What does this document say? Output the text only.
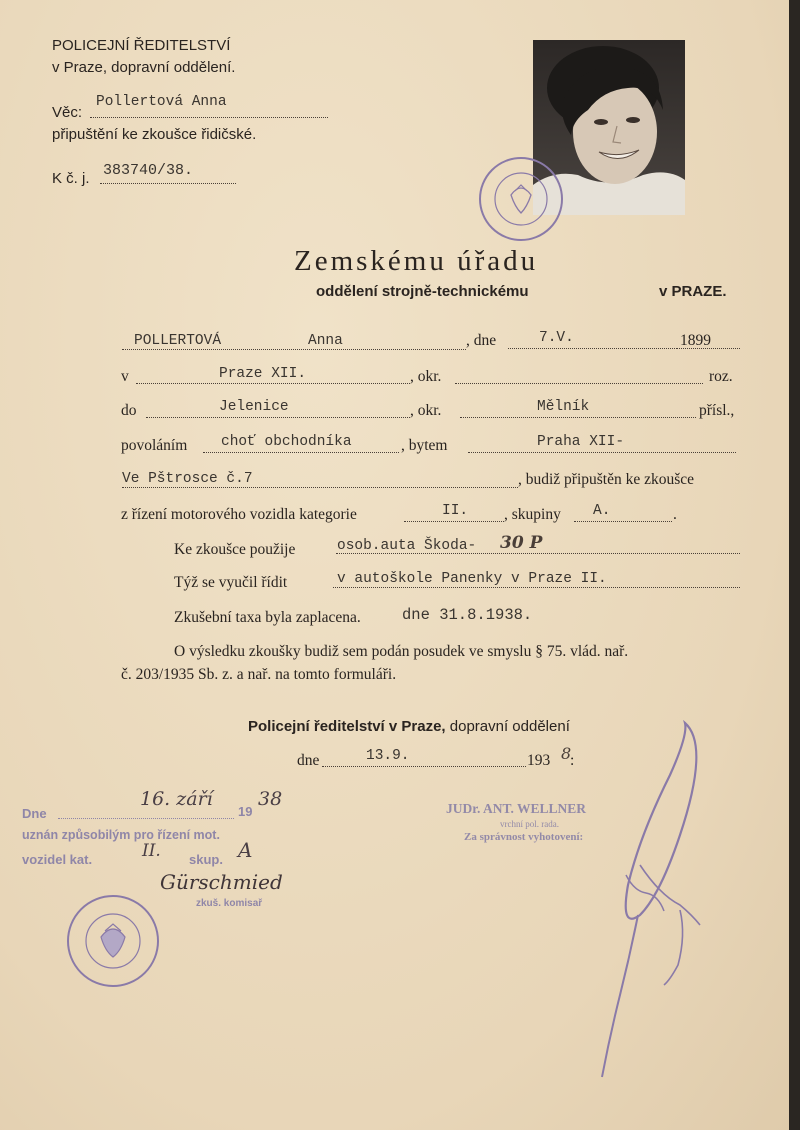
POLICEJNÍ ŘEDITELSTVÍ
v Praze, dopravní oddělení.
Věc:
Pollertová Anna
připuštění ke zkoušce řidičské.
K č. j. 383740/38.
Zemskému úřadu
oddělení strojně-technickému	v PRAZE.
POLLERTOVÁ	Anna	, dne	7.V.	1899
v	Praze XII.	, okr.	roz.
do	Jelenice	, okr.	Mělník	přísl.,
povoláním choť obchodníka	, bytem	Praha XII-
Ve Pštrosce č.7	, budiž připuštěn ke zkoušce
z řízení motorového vozidla kategorie	II. , skupiny A.	.
Ke zkoušce použije	osob.auta Škoda- 30 P
Týž se vyučil řídit	v autoškole Panenky v Praze II.
Zkušební taxa byla zaplacena.	dne 31.8.1938.
O výsledku zkoušky budiž sem podán posudek ve smyslu § 75. vlád. nař.
č. 203/1935 Sb. z. a nař. na tomto formuláři.
Policejní ředitelství v Praze, dopravní oddělení
dne	13.9.	193 8
:
Dne
16. září
19
38
uznán způsobilým pro řízení mot.
vozidel kat.	II. skup. A
Gürschmied
zkuš. komisař
JUDr. ANT. WELLNER
vrchní pol. rada.
Za správnost vyhotovení:
